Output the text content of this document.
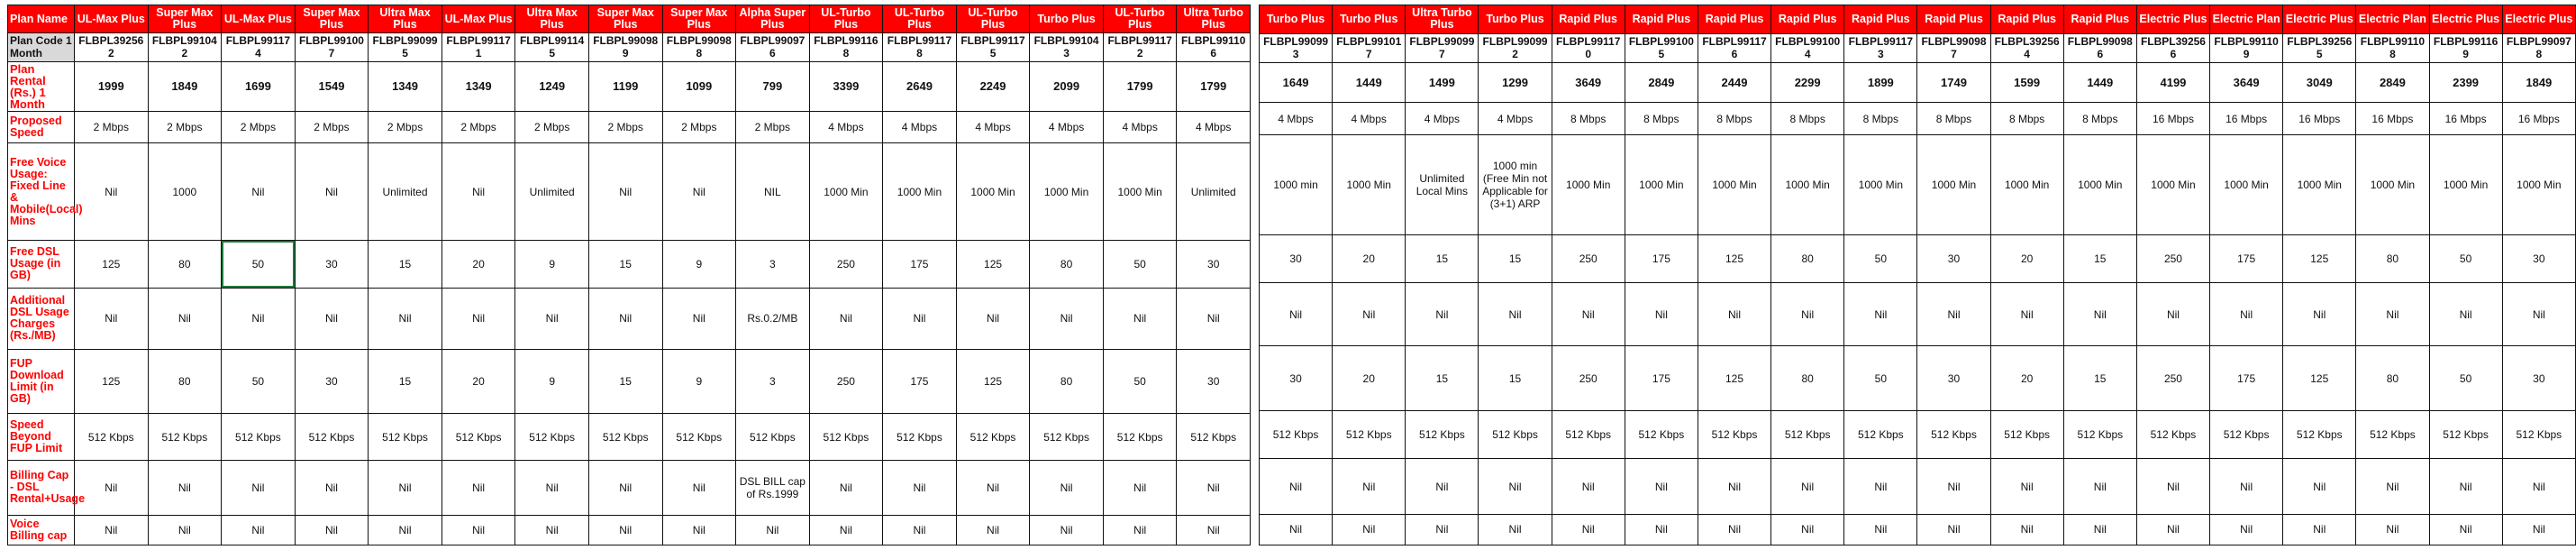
Plan Name	UL-Max Plus	Super Max Plus	UL-Max Plus	Super Max Plus	Ultra Max Plus	UL-Max Plus	Ultra Max Plus	Super Max Plus	Super Max Plus	Alpha Super Plus	UL-Turbo Plus	UL-Turbo Plus	UL-Turbo Plus	Turbo Plus	UL-Turbo Plus	Ultra Turbo Plus
Plan Code 1 Month	FLBPL39256 2	FLBPL99104 2	FLBPL99117 4	FLBPL99100 7	FLBPL99099 5	FLBPL99117 1	FLBPL99114 5	FLBPL99098 9	FLBPL99098 8	FLBPL99097 6	FLBPL99116 8	FLBPL99117 8	FLBPL99117 5	FLBPL99104 3	FLBPL99117 2	FLBPL99110 6
Plan Rental (Rs.) 1 Month	1999	1849	1699	1549	1349	1349	1249	1199	1099	799	3399	2649	2249	2099	1799	1799
Proposed Speed	2 Mbps	2 Mbps	2 Mbps	2 Mbps	2 Mbps	2 Mbps	2 Mbps	2 Mbps	2 Mbps	2 Mbps	4 Mbps	4 Mbps	4 Mbps	4 Mbps	4 Mbps	4 Mbps
Free Voice Usage: Fixed Line & Mobile(Local) Mins	Nil	1000	Nil	Nil	Unlimited	Nil	Unlimited	Nil	Nil	NIL	1000 Min	1000 Min	1000 Min	1000 Min	1000 Min	Unlimited
Free DSL Usage (in GB)	125	80	50	30	15	20	9	15	9	3	250	175	125	80	50	30
Additional DSL Usage Charges (Rs./MB)	Nil	Nil	Nil	Nil	Nil	Nil	Nil	Nil	Nil	Rs.0.2/MB	Nil	Nil	Nil	Nil	Nil	Nil
FUP Download Limit (in GB)	125	80	50	30	15	20	9	15	9	3	250	175	125	80	50	30
Speed Beyond FUP Limit	512 Kbps	512 Kbps	512 Kbps	512 Kbps	512 Kbps	512 Kbps	512 Kbps	512 Kbps	512 Kbps	512 Kbps	512 Kbps	512 Kbps	512 Kbps	512 Kbps	512 Kbps	512 Kbps
Billing Cap - DSL Rental+Usage	Nil	Nil	Nil	Nil	Nil	Nil	Nil	Nil	Nil	DSL BILL cap of Rs.1999	Nil	Nil	Nil	Nil	Nil	Nil
Voice Billing cap	Nil	Nil	Nil	Nil	Nil	Nil	Nil	Nil	Nil	Nil	Nil	Nil	Nil	Nil	Nil	Nil
Turbo Plus	Turbo Plus	Ultra Turbo Plus	Turbo Plus	Rapid Plus	Rapid Plus	Rapid Plus	Rapid Plus	Rapid Plus	Rapid Plus	Rapid Plus	Rapid Plus	Electric Plus	Electric Plan	Electric Plus	Electric Plan	Electric Plus	Electric Plus
FLBPL99099 3	FLBPL99101 7	FLBPL99099 7	FLBPL99099 2	FLBPL99117 0	FLBPL99100 5	FLBPL99117 6	FLBPL99100 4	FLBPL99117 3	FLBPL99098 7	FLBPL39256 4	FLBPL99098 6	FLBPL39256 6	FLBPL99110 9	FLBPL39256 5	FLBPL99110 8	FLBPL99116 9	FLBPL99097 8
1649	1449	1499	1299	3649	2849	2449	2299	1899	1749	1599	1449	4199	3649	3049	2849	2399	1849
4 Mbps	4 Mbps	4 Mbps	4 Mbps	8 Mbps	8 Mbps	8 Mbps	8 Mbps	8 Mbps	8 Mbps	8 Mbps	8 Mbps	16 Mbps	16 Mbps	16 Mbps	16 Mbps	16 Mbps	16 Mbps
1000 min	1000 Min	Unlimited Local Mins	1000 min (Free Min not Applicable for (3+1) ARP	1000 Min	1000 Min	1000 Min	1000 Min	1000 Min	1000 Min	1000 Min	1000 Min	1000 Min	1000 Min	1000 Min	1000 Min	1000 Min	1000 Min
30	20	15	15	250	175	125	80	50	30	20	15	250	175	125	80	50	30
Nil	Nil	Nil	Nil	Nil	Nil	Nil	Nil	Nil	Nil	Nil	Nil	Nil	Nil	Nil	Nil	Nil	Nil
30	20	15	15	250	175	125	80	50	30	20	15	250	175	125	80	50	30
512 Kbps	512 Kbps	512 Kbps	512 Kbps	512 Kbps	512 Kbps	512 Kbps	512 Kbps	512 Kbps	512 Kbps	512 Kbps	512 Kbps	512 Kbps	512 Kbps	512 Kbps	512 Kbps	512 Kbps	512 Kbps
Nil	Nil	Nil	Nil	Nil	Nil	Nil	Nil	Nil	Nil	Nil	Nil	Nil	Nil	Nil	Nil	Nil	Nil
Nil	Nil	Nil	Nil	Nil	Nil	Nil	Nil	Nil	Nil	Nil	Nil	Nil	Nil	Nil	Nil	Nil	Nil
